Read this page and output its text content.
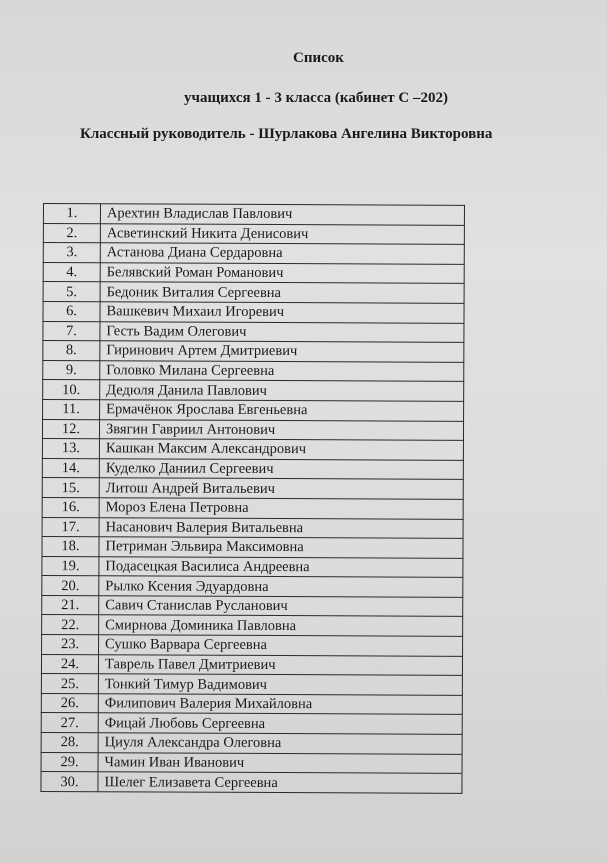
Список
учащихся 1 - 3 класса (кабинет С –202)
Классный руководитель - Шурлакова Ангелина Викторовна
1.	Арехтин Владислав Павлович
2.	Асветинский Никита Денисович
3.	Астанова Диана Сердаровна
4.	Белявский Роман Романович
5.	Бедоник Виталия Сергеевна
6.	Вашкевич Михаил Игоревич
7.	Гесть Вадим Олегович
8.	Гиринович Артем Дмитриевич
9.	Головко Милана Сергеевна
10.	Дедюля Данила Павлович
11.	Ермачёнок Ярослава Евгеньевна
12.	Звягин Гавриил Антонович
13.	Кашкан Максим Александрович
14.	Куделко Даниил Сергеевич
15.	Литош Андрей Витальевич
16.	Мороз Елена Петровна
17.	Насанович Валерия Витальевна
18.	Петриман Эльвира Максимовна
19.	Подасецкая Василиса Андреевна
20.	Рылко Ксения Эдуардовна
21.	Савич Станислав Русланович
22.	Смирнова Доминика Павловна
23.	Сушко Варвара Сергеевна
24.	Таврель Павел Дмитриевич
25.	Тонкий Тимур Вадимович
26.	Филипович Валерия Михайловна
27.	Фицай Любовь Сергеевна
28.	Циуля Александра Олеговна
29.	Чамин Иван Иванович
30.	Шелег Елизавета Сергеевна
